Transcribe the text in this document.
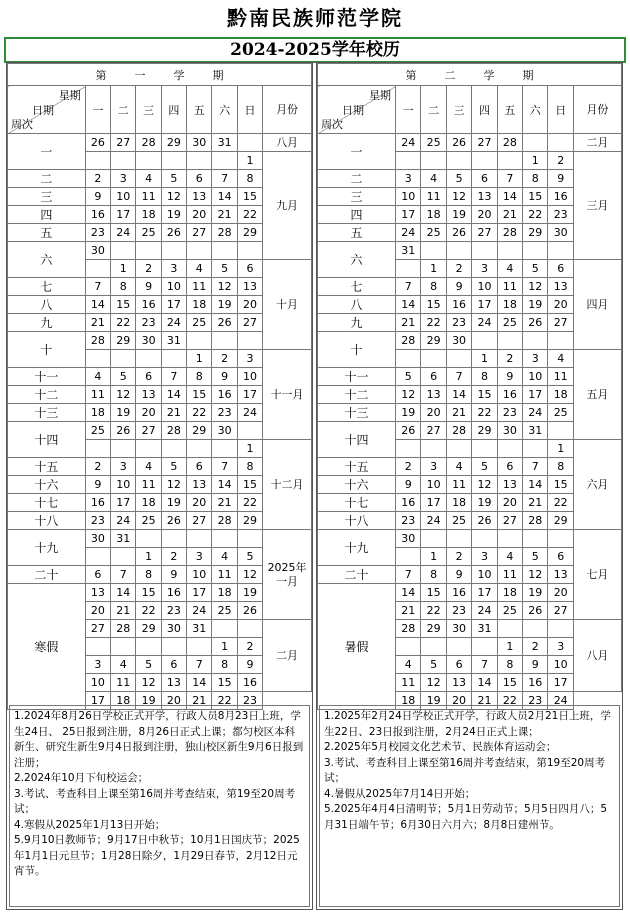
黔南民族师范学院
2024-2025学年校历
第一学期								

星期
日期
周次	一	二	三	四	五	六	日	月份
一	26	27	28	29	30	31		八月
							1	九月
二	2	3	4	5	6	7	8	
三	9	10	11	12	13	14	15	
四	16	17	18	19	20	21	22	
五	23	24	25	26	27	28	29	
六	30							
		1	2	3	4	5	6	十月
七	7	8	9	10	11	12	13	
八	14	15	16	17	18	19	20	
九	21	22	23	24	25	26	27	
十	28	29	30	31				
					1	2	3	十一月
十一	4	5	6	7	8	9	10	
十二	11	12	13	14	15	16	17	
十三	18	19	20	21	22	23	24	
十四	25	26	27	28	29	30		
							1	十二月
十五	2	3	4	5	6	7	8	
十六	9	10	11	12	13	14	15	
十七	16	17	18	19	20	21	22	
十八	23	24	25	26	27	28	29	
十九	30	31						2025年一月
			1	2	3	4	5	
二十	6	7	8	9	10	11	12	
寒假	13	14	15	16	17	18	19	
	20	21	22	23	24	25	26	
	27	28	29	30	31			二月
						1	2	
	3	4	5	6	7	8	9	
	10	11	12	13	14	15	16	
	17	18	19	20	21	22	23	

1.2024年8月26日学校正式开学，行政人员8月23日上班，学生24日、 25日报到注册，8月26日正式上课；都匀校区本科新生、研究生新生9月4日报到注册，独山校区新生9月6日报到注册；

2.2024年10月下旬校运会；

3.考试、考查科目上课至第16周并考查结束，第19至20周考试；

4.寒假从2025年1月13日开始；

5.9月10日教师节；9月17日中秋节；10月1日国庆节；2025年1月1日元旦节；1月28日除夕，1月29日春节，2月12日元宵节。

第二学期								

星期
日期
周次	一	二	三	四	五	六	日	月份
一	24	25	26	27	28			二月
						1	2	三月
二	3	4	5	6	7	8	9	
三	10	11	12	13	14	15	16	
四	17	18	19	20	21	22	23	
五	24	25	26	27	28	29	30	
六	31							
		1	2	3	4	5	6	四月
七	7	8	9	10	11	12	13	
八	14	15	16	17	18	19	20	
九	21	22	23	24	25	26	27	
十	28	29	30					
				1	2	3	4	五月
十一	5	6	7	8	9	10	11	
十二	12	13	14	15	16	17	18	
十三	19	20	21	22	23	24	25	
十四	26	27	28	29	30	31		
							1	六月
十五	2	3	4	5	6	7	8	
十六	9	10	11	12	13	14	15	
十七	16	17	18	19	20	21	22	
十八	23	24	25	26	27	28	29	
十九	30							七月
		1	2	3	4	5	6	
二十	7	8	9	10	11	12	13	
暑假	14	15	16	17	18	19	20	
	21	22	23	24	25	26	27	
	28	29	30	31				八月
					1	2	3	
	4	5	6	7	8	9	10	
	11	12	13	14	15	16	17	
	18	19	20	21	22	23	24	

1.2025年2月24日学校正式开学，行政人员2月21日上班，学生22日、23日报到注册，2月24日正式上课；

2.2025年5月校园文化艺术节、民族体育运动会；

3.考试、考查科目上课至第16周并考查结束，第19至20周考试；

4.暑假从2025年7月14日开始；

5.2025年4月4日清明节；5月1日劳动节；5月5日四月八；5月31日端午节；6月30日六月六；8月8日建州节。
